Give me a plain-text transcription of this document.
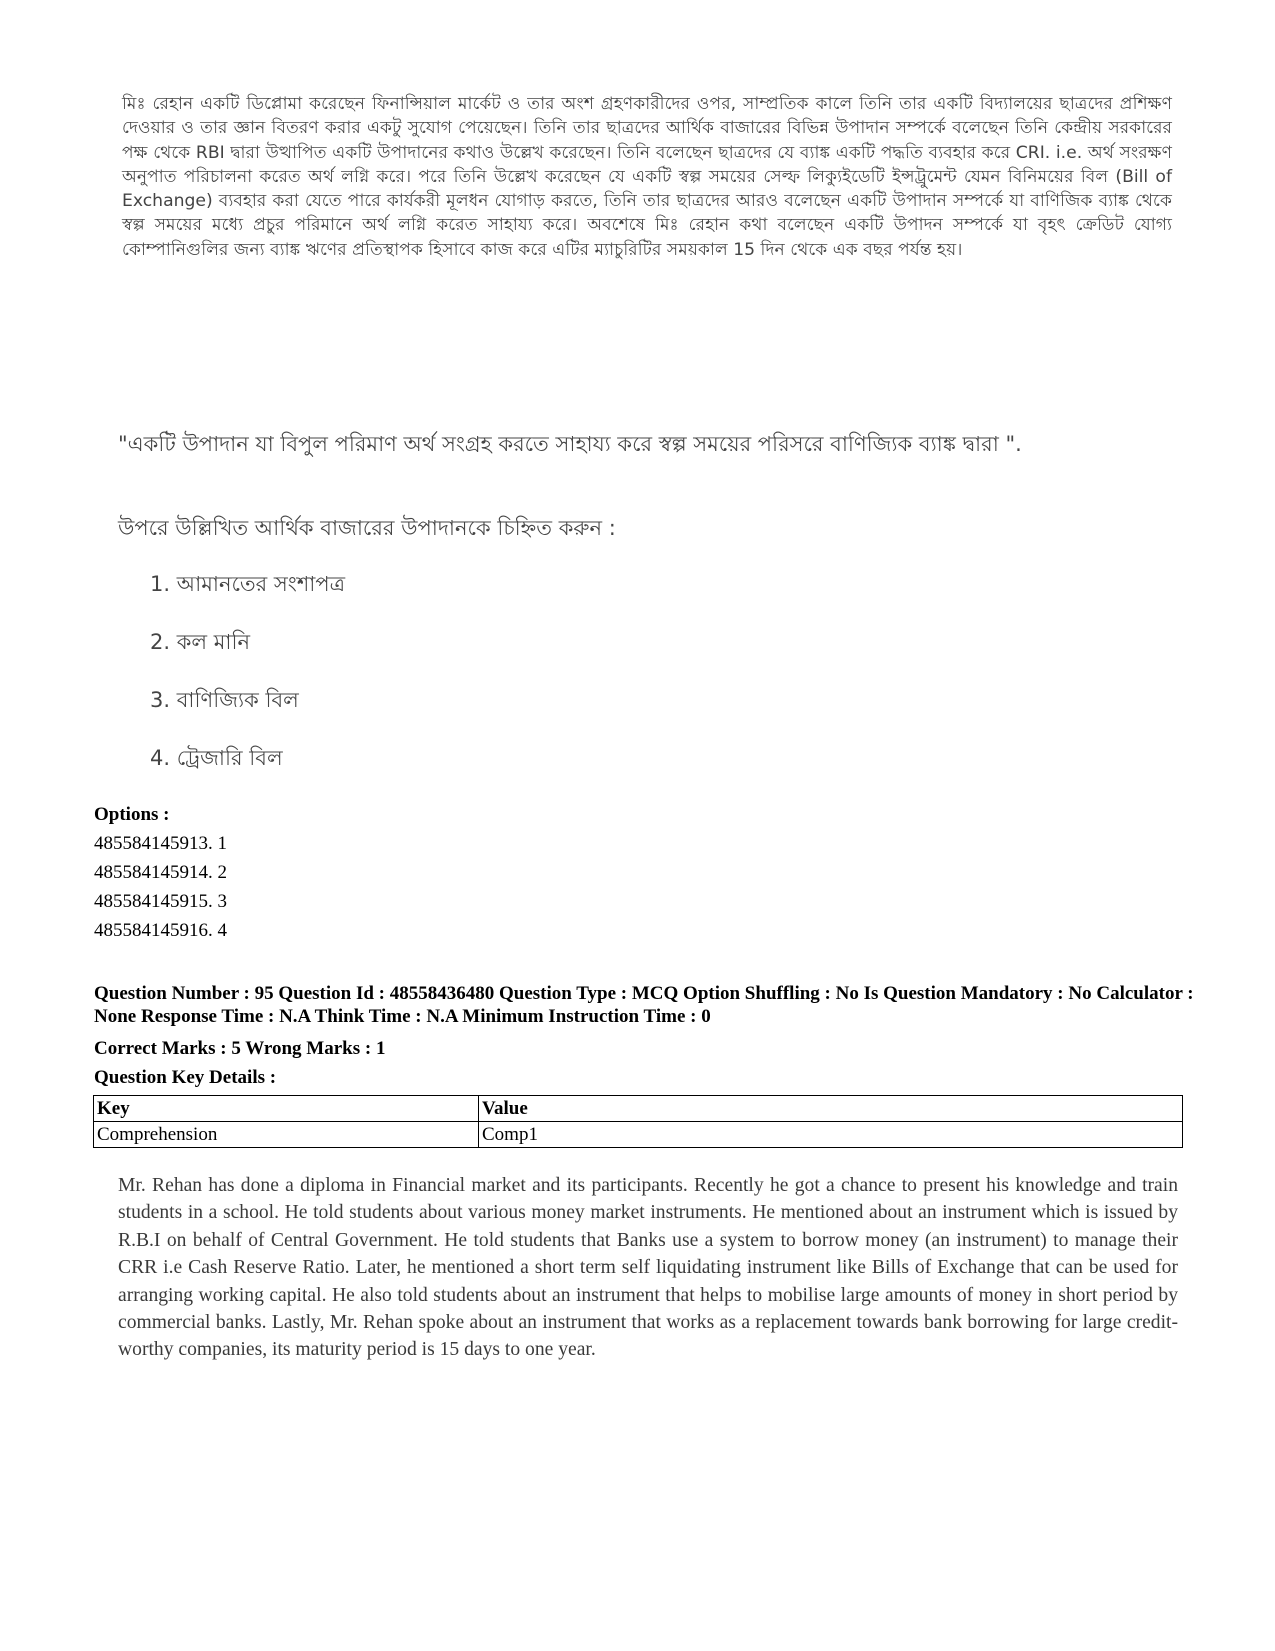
মিঃ রেহান একটি ডিপ্লোমা করেছেন ফিনান্সিয়াল মার্কেট ও তার অংশ গ্রহণকারীদের ওপর, সাম্প্রতিক কালে তিনি তার একটি বিদ্যালয়ের ছাত্রদের প্রশিক্ষণ দেওয়ার ও তার জ্ঞান বিতরণ করার একটু সুযোগ পেয়েছেন। তিনি তার ছাত্রদের আর্থিক বাজারের বিভিন্ন উপাদান সম্পর্কে বলেছেন তিনি কেন্দ্রীয় সরকারের পক্ষ থেকে RBI দ্বারা উত্থাপিত একটি উপাদানের কথাও উল্লেখ করেছেন। তিনি বলেছেন ছাত্রদের যে ব্যাঙ্ক একটি পদ্ধতি ব্যবহার করে CRI. i.e. অর্থ সংরক্ষণ অনুপাত পরিচালনা করেত অর্থ লগ্নি করে। পরে তিনি উল্লেখ করেছেন যে একটি স্বল্প সময়ের সেল্ফ লিক্যুইডেটি ইন্সট্রুমেন্ট যেমন বিনিময়ের বিল (Bill of Exchange) ব্যবহার করা যেতে পারে কার্যকরী মূলধন যোগাড় করতে, তিনি তার ছাত্রদের আরও বলেছেন একটি উপাদান সম্পর্কে যা বাণিজিক ব্যাঙ্ক থেকে স্বল্প সময়ের মধ্যে প্রচুর পরিমানে অর্থ লগ্নি করেত সাহায্য করে। অবশেষে মিঃ রেহান কথা বলেছেন একটি উপাদন সম্পর্কে যা বৃহৎ ক্রেডিট যোগ্য কোম্পানিগুলির জন্য ব্যাঙ্ক ঋণের প্রতিস্থাপক হিসাবে কাজ করে এটির ম্যাচুরিটির সময়কাল 15 দিন থেকে এক বছর পর্যন্ত হয়।
"একটি উপাদান যা বিপুল পরিমাণ অর্থ সংগ্রহ করতে সাহায্য করে স্বল্প সময়ের পরিসরে বাণিজ্যিক ব্যাঙ্ক দ্বারা ".
উপরে উল্লিখিত আর্থিক বাজারের উপাদানকে চিহ্নিত করুন :
1. আমানতের সংশাপত্র
2. কল মানি
3. বাণিজ্যিক বিল
4. ট্রেজারি বিল
Options :
485584145913. 1
485584145914. 2
485584145915. 3
485584145916. 4
Question Number : 95 Question Id : 48558436480 Question Type : MCQ Option Shuffling : No Is Question Mandatory : No Calculator : None Response Time : N.A Think Time : N.A Minimum Instruction Time : 0
Correct Marks : 5 Wrong Marks : 1
Question Key Details :
Key	Value
Comprehension	Comp1
Mr. Rehan has done a diploma in Financial market and its participants. Recently he got a chance to present his knowledge and train students in a school. He told students about various money market instruments. He mentioned about an instrument which is issued by R.B.I on behalf of Central Government. He told students that Banks use a system to borrow money (an instrument) to manage their CRR i.e Cash Reserve Ratio. Later, he mentioned a short term self liquidating instrument like Bills of Exchange that can be used for arranging working capital. He also told students about an instrument that helps to mobilise large amounts of money in short period by commercial banks. Lastly, Mr. Rehan spoke about an instrument that works as a replacement towards bank borrowing for large credit-worthy companies, its maturity period is 15 days to one year.
